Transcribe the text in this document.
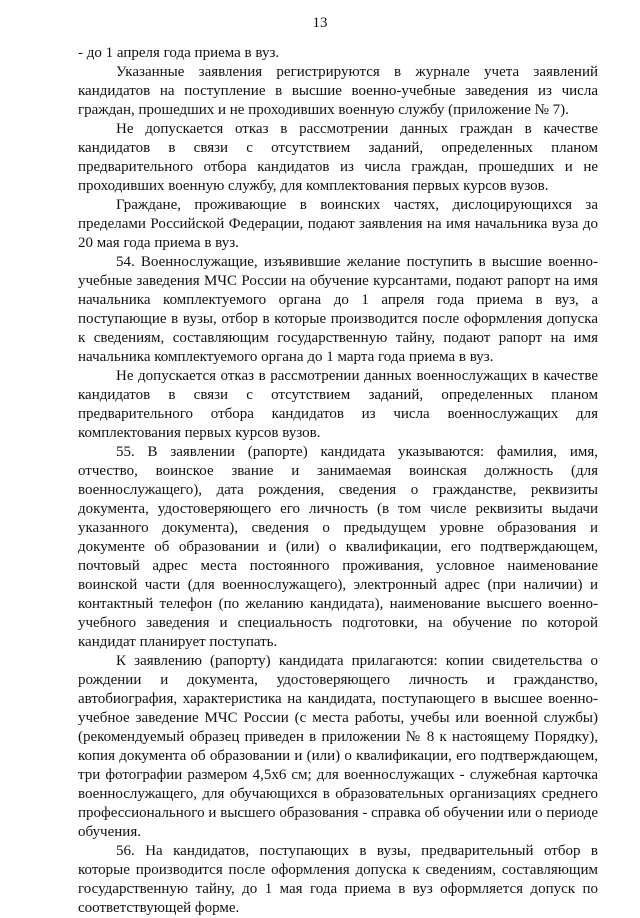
13

- до 1 апреля года приема в вуз.

Указанные заявления регистрируются в журнале учета заявлений кандидатов на поступление в высшие военно-учебные заведения из числа граждан, прошедших и не проходивших военную службу (приложение № 7).

Не допускается отказ в рассмотрении данных граждан в качестве кандидатов в связи с отсутствием заданий, определенных планом предварительного отбора кандидатов из числа граждан, прошедших и не проходивших военную службу, для комплектования первых курсов вузов.

Граждане, проживающие в воинских частях, дислоцирующихся за пределами Российской Федерации, подают заявления на имя начальника вуза до 20 мая года приема в вуз.

54. Военнослужащие, изъявившие желание поступить в высшие военно-учебные заведения МЧС России на обучение курсантами, подают рапорт на имя начальника комплектуемого органа до 1 апреля года приема в вуз, а поступающие в вузы, отбор в которые производится после оформления допуска к сведениям, составляющим государственную тайну, подают рапорт на имя начальника комплектуемого органа до 1 марта года приема в вуз.

Не допускается отказ в рассмотрении данных военнослужащих в качестве кандидатов в связи с отсутствием заданий, определенных планом предварительного отбора кандидатов из числа военнослужащих для комплектования первых курсов вузов.

55. В заявлении (рапорте) кандидата указываются: фамилия, имя, отчество, воинское звание и занимаемая воинская должность (для военнослужащего), дата рождения, сведения о гражданстве, реквизиты документа, удостоверяющего его личность (в том числе реквизиты выдачи указанного документа), сведения о предыдущем уровне образования и документе об образовании и (или) о квалификации, его подтверждающем, почтовый адрес места постоянного проживания, условное наименование воинской части (для военнослужащего), электронный адрес (при наличии) и контактный телефон (по желанию кандидата), наименование высшего военно-учебного заведения и специальность подготовки, на обучение по которой кандидат планирует поступать.

К заявлению (рапорту) кандидата прилагаются: копии свидетельства о рождении и документа, удостоверяющего личность и гражданство, автобиография, характеристика на кандидата, поступающего в высшее военно-учебное заведение МЧС России (с места работы, учебы или военной службы) (рекомендуемый образец приведен в приложении № 8 к настоящему Порядку), копия документа об образовании и (или) о квалификации, его подтверждающем, три фотографии размером 4,5х6 см; для военнослужащих - служебная карточка военнослужащего, для обучающихся в образовательных организациях среднего профессионального и высшего образования - справка об обучении или о периоде обучения.

56. На кандидатов, поступающих в вузы, предварительный отбор в которые производится после оформления допуска к сведениям, составляющим государственную тайну, до 1 мая года приема в вуз оформляется допуск по соответствующей форме.
